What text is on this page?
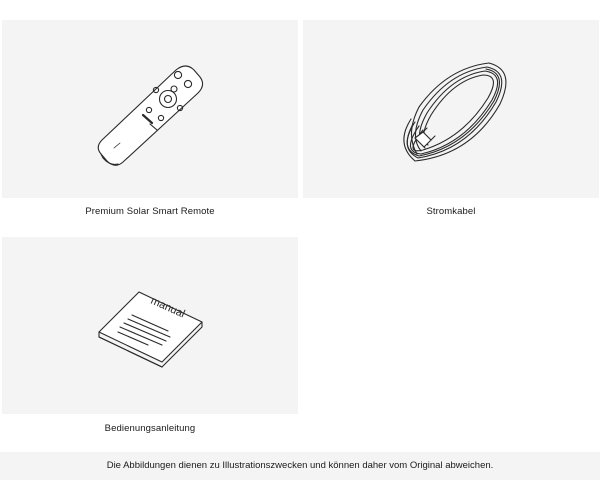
Premium Solar Smart Remote	Stromkabel
manual
Bedienungsanleitung
Die Abbildungen dienen zu Illustrationszwecken und können daher vom Original abweichen.
